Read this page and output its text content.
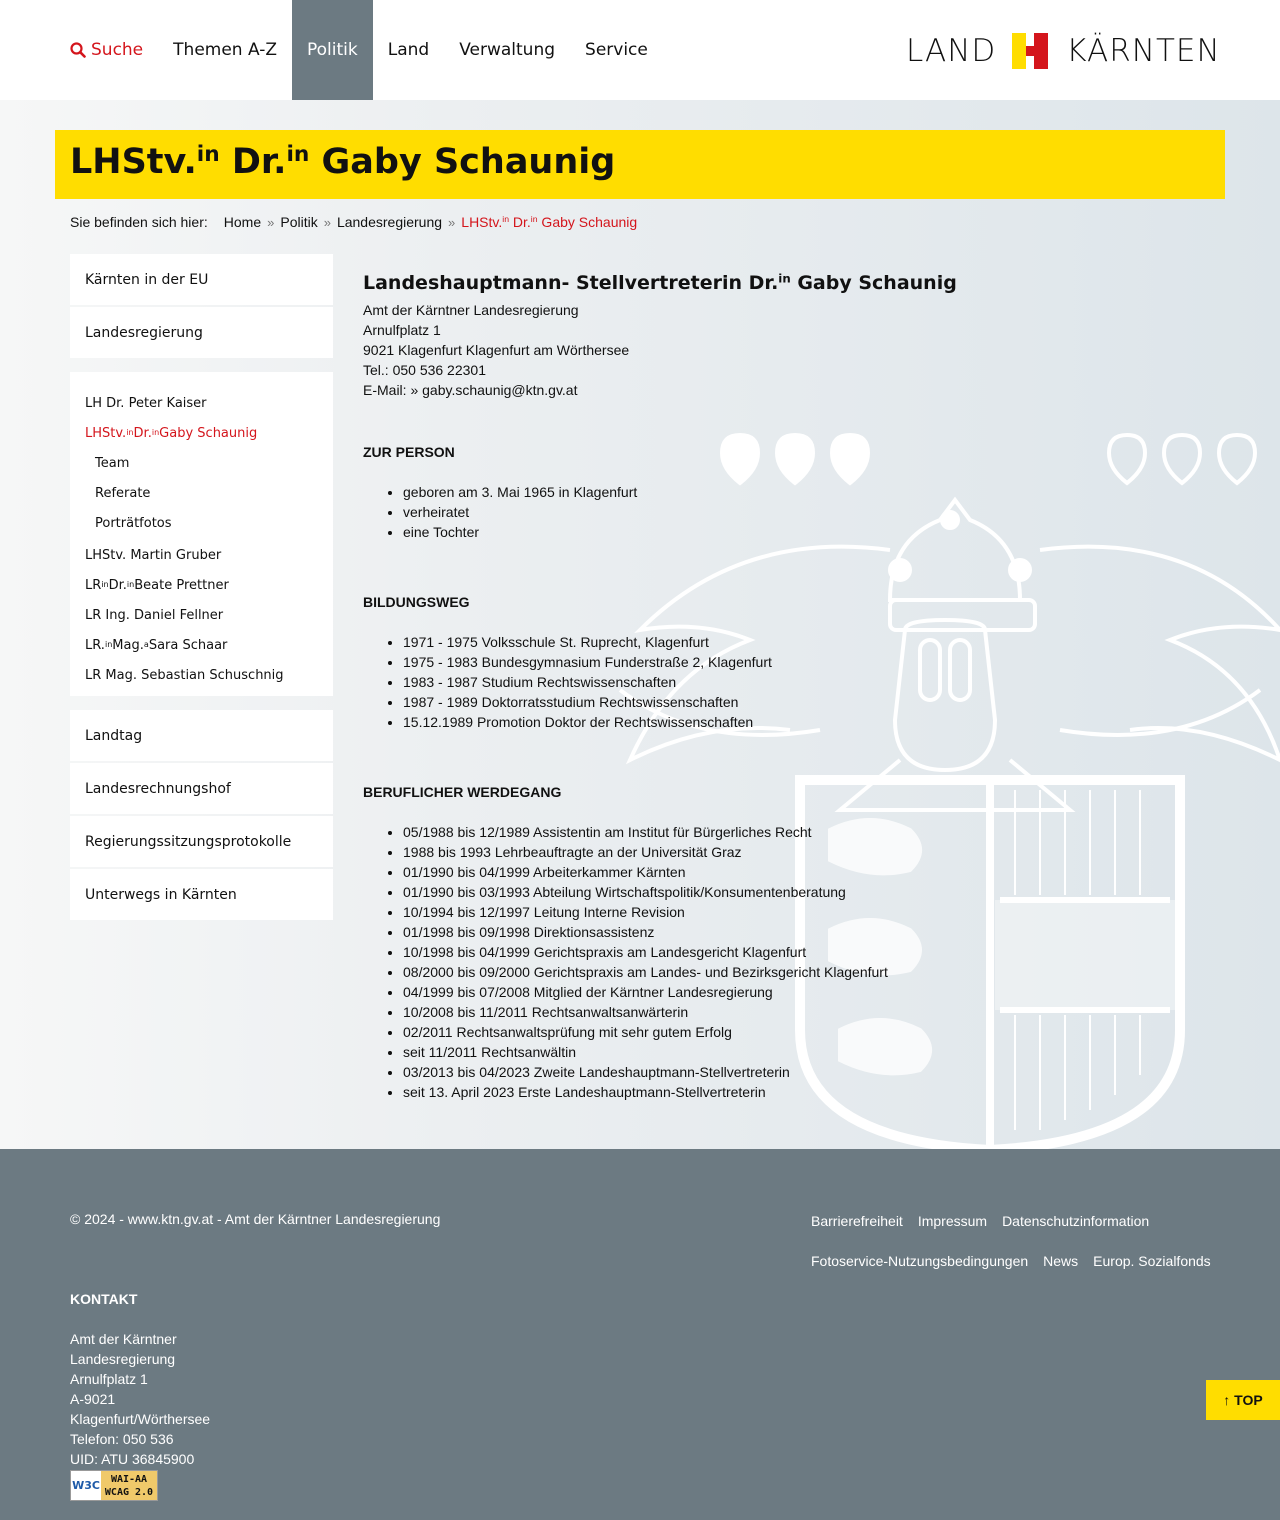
Suche	Themen A-Z	Politik	Land	Verwaltung	Service	LAND KÄRNTEN
LHStv.$^{in}$ Dr.$^{in}$ Gaby Schaunig
Sie befinden sich hier: Home » Politik » Landesregierung » LHStv.$^{in}$ Dr.$^{in}$ Gaby Schaunig
Kärnten in der EU
Landesregierung
LH Dr. Peter Kaiser
LHStv. in Dr. in Gaby Schaunig
Team
Referate
Porträtfotos
LHStv. Martin Gruber
LR in Dr. in Beate Prettner
LR Ing. Daniel Fellner
LR. in Mag. a Sara Schaar
LR Mag. Sebastian Schuschnig
Landtag
Landesrechnungshof
Regierungssitzungsprotokolle
Unterwegs in Kärnten
Landeshauptmann- Stellvertreterin Dr.$^{in}$ Gaby Schaunig
Amt der Kärntner Landesregierung
Arnulfplatz 1
9021 Klagenfurt Klagenfurt am Wörthersee
Tel.: 050 536 22301
E-Mail: » gaby.schaunig@ktn.gv.at
ZUR PERSON
• geboren am 3. Mai 1965 in Klagenfurt
• verheiratet
• eine Tochter
BILDUNGSWEG
• 1971 - 1975 Volksschule St. Ruprecht, Klagenfurt
• 1975 - 1983 Bundesgymnasium Funderstraße 2, Klagenfurt
• 1983 - 1987 Studium Rechtswissenschaften
• 1987 - 1989 Doktorratsstudium Rechtswissenschaften
• 15.12.1989 Promotion Doktor der Rechtswissenschaften
BERUFLICHER WERDEGANG
• 05/1988 bis 12/1989 Assistentin am Institut für Bürgerliches Recht
• 1988 bis 1993 Lehrbeauftragte an der Universität Graz
• 01/1990 bis 04/1999 Arbeiterkammer Kärnten
• 01/1990 bis 03/1993 Abteilung Wirtschaftspolitik/Konsumentenberatung
• 10/1994 bis 12/1997 Leitung Interne Revision
• 01/1998 bis 09/1998 Direktionsassistenz
• 10/1998 bis 04/1999 Gerichtspraxis am Landesgericht Klagenfurt
• 08/2000 bis 09/2000 Gerichtspraxis am Landes- und Bezirksgericht Klagenfurt
• 04/1999 bis 07/2008 Mitglied der Kärntner Landesregierung
• 10/2008 bis 11/2011 Rechtsanwaltsanwärterin
• 02/2011 Rechtsanwaltsprüfung mit sehr gutem Erfolg
• seit 11/2011 Rechtsanwältin
• 03/2013 bis 04/2023 Zweite Landeshauptmann-Stellvertreterin
• seit 13. April 2023 Erste Landeshauptmann-Stellvertreterin
© 2024 - www.ktn.gv.at - Amt der Kärntner Landesregierung	Barrierefreiheit Impressum Datenschutzinformation
Fotoservice-Nutzungsbedingungen News Europ. Sozialfonds
KONTAKT
Amt der Kärntner
Landesregierung
Arnulfplatz 1
A-9021
Klagenfurt/Wörthersee
Telefon: 050 536
UID: ATU 36845900
W3C WAI-AA
WCAG 2.0
↑ TOP
